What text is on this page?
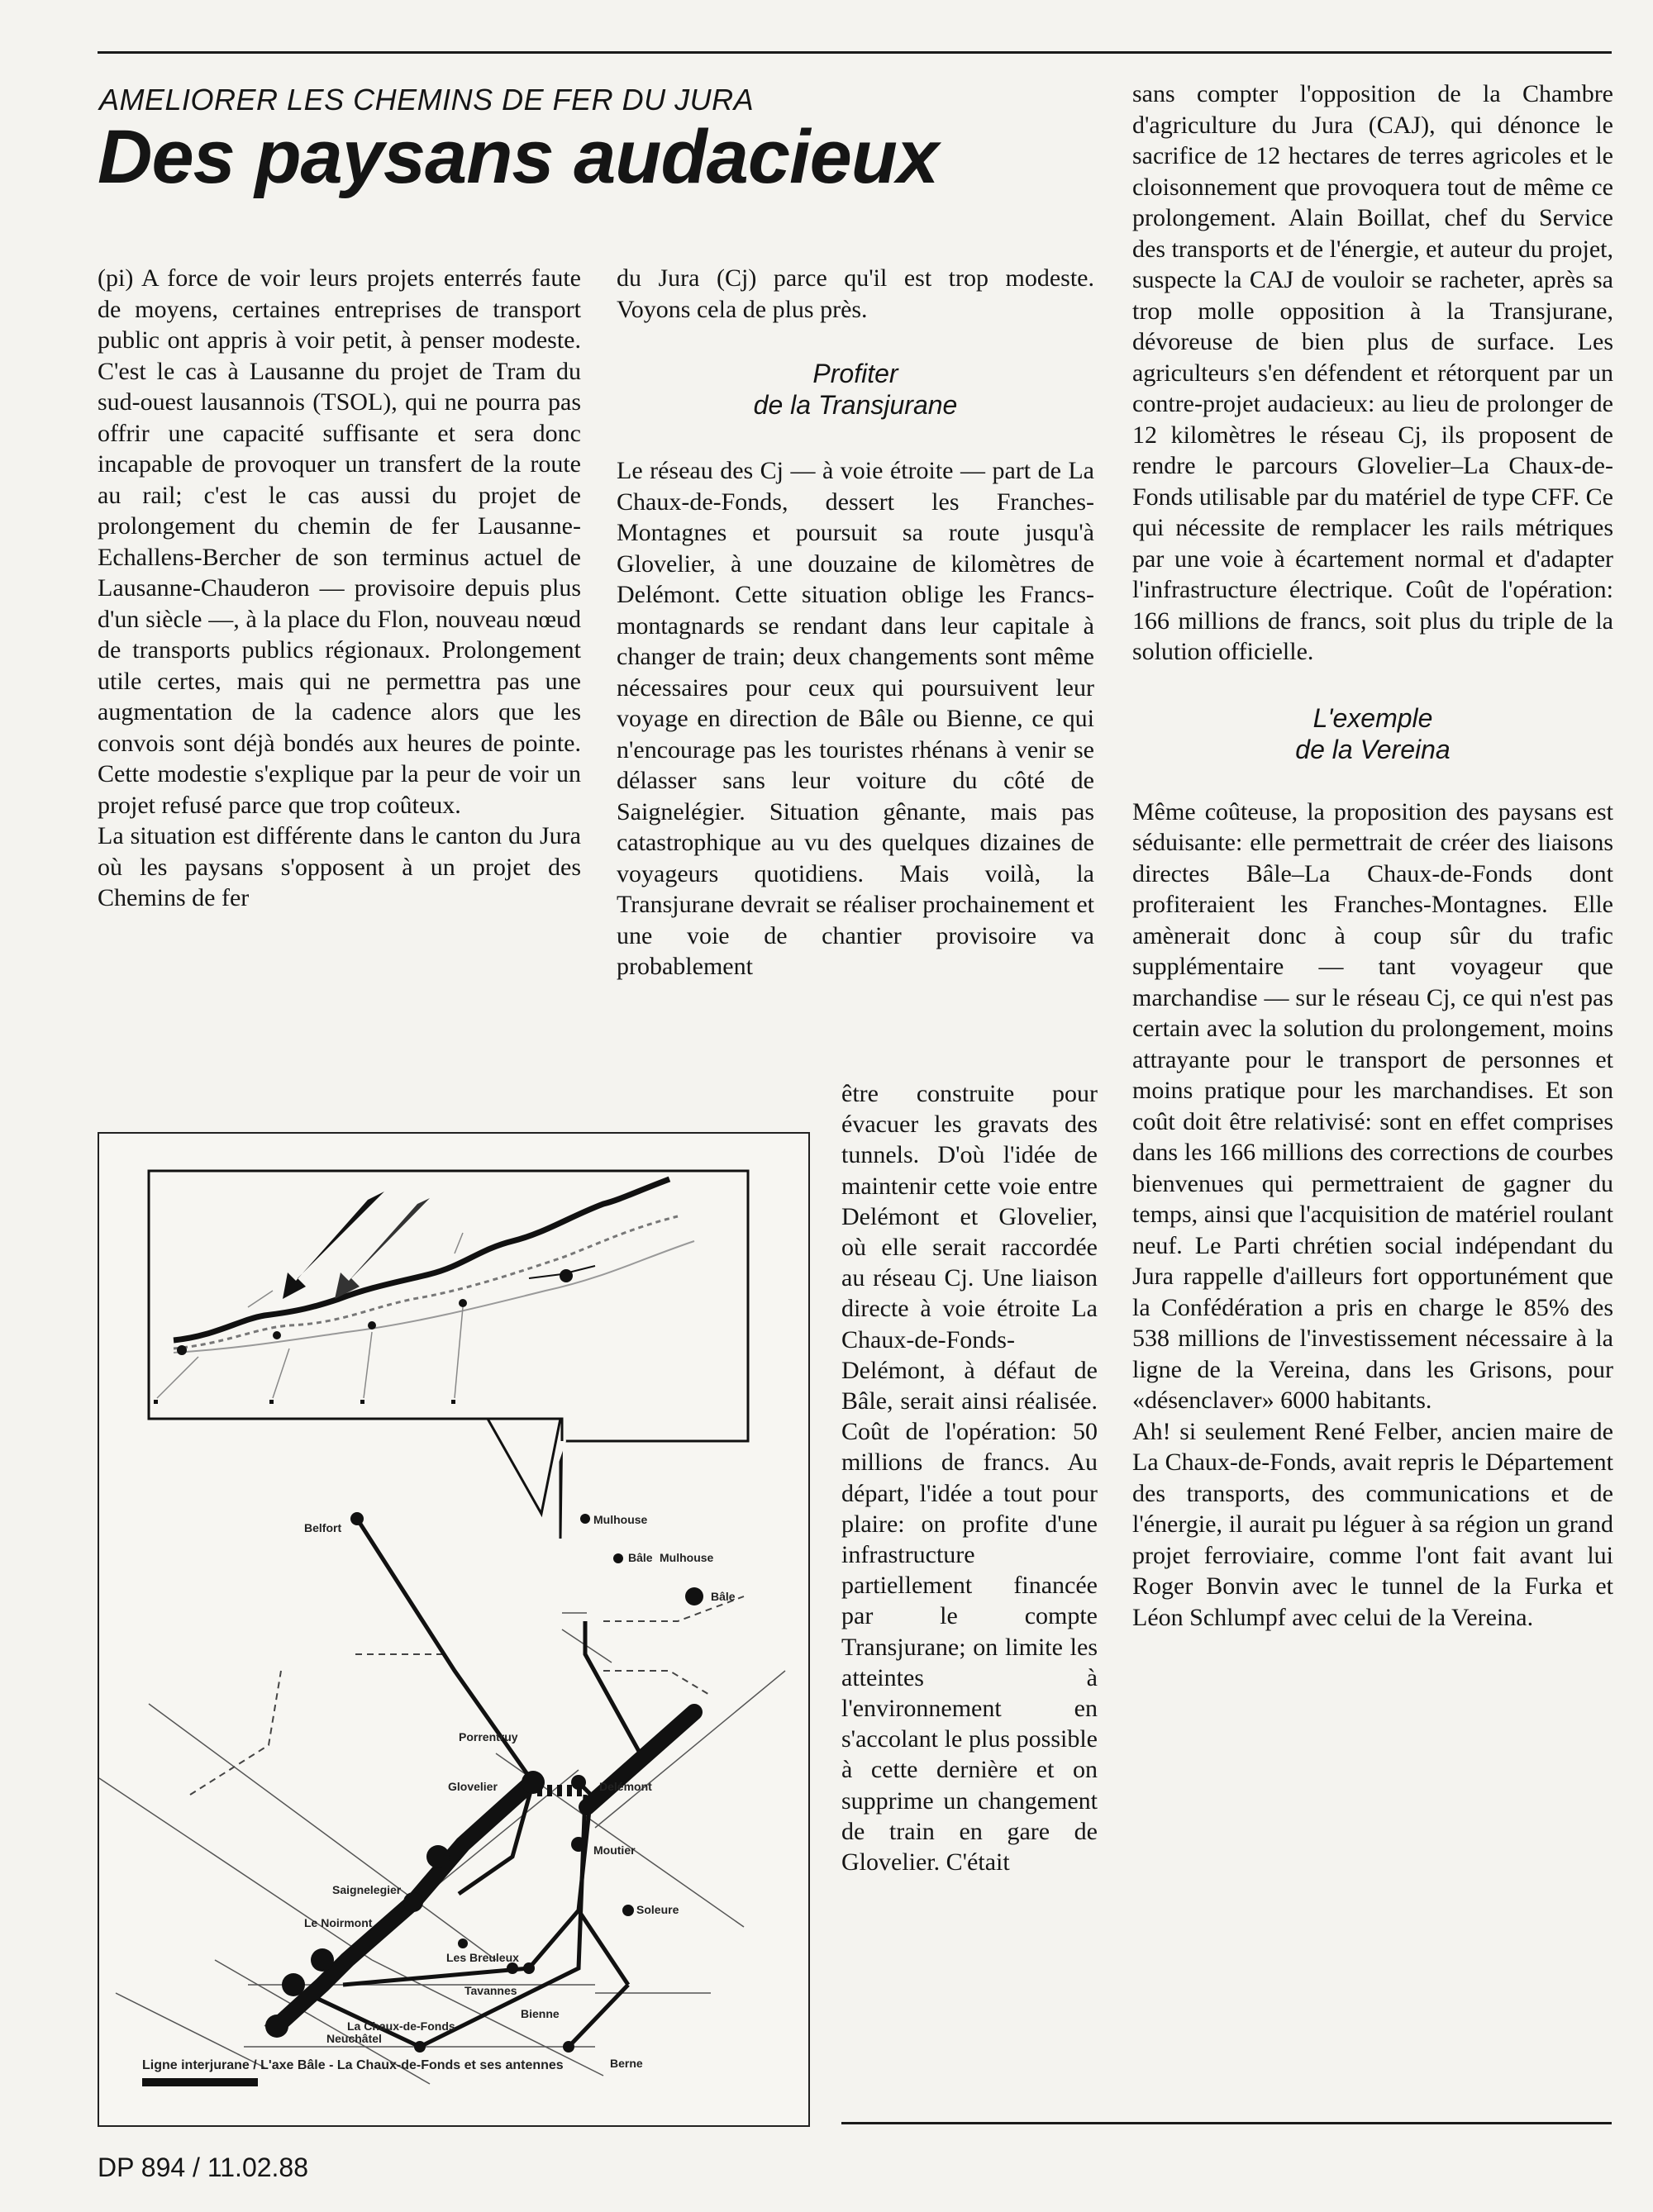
AMELIORER LES CHEMINS DE FER DU JURA
Des paysans audacieux

(pi) A force de voir leurs projets enterrés faute de moyens, certaines entreprises de transport public ont appris à voir petit, à penser modeste. C'est le cas à Lausanne du projet de Tram du sud-ouest lausannois (TSOL), qui ne pourra pas offrir une capacité suffisante et sera donc incapable de provoquer un transfert de la route au rail; c'est le cas aussi du projet de prolongement du chemin de fer Lausanne-Echallens-Bercher de son terminus actuel de Lausanne-Chauderon — provisoire depuis plus d'un siècle —, à la place du Flon, nouveau nœud de transports publics régionaux. Prolongement utile certes, mais qui ne permettra pas une augmentation de la cadence alors que les convois sont déjà bondés aux heures de pointe. Cette modestie s'explique par la peur de voir un projet refusé parce que trop coûteux.

La situation est différente dans le canton du Jura où les paysans s'opposent à un projet des Chemins de fer

du Jura (Cj) parce qu'il est trop modeste. Voyons cela de plus près.

Profiter
de la Transjurane

Le réseau des Cj — à voie étroite — part de La Chaux-de-Fonds, dessert les Franches-Montagnes et poursuit sa route jusqu'à Glovelier, à une douzaine de kilomètres de Delémont. Cette situation oblige les Francs-montagnards se rendant dans leur capitale à changer de train; deux changements sont même nécessaires pour ceux qui poursuivent leur voyage en direction de Bâle ou Bienne, ce qui n'encourage pas les touristes rhénans à venir se délasser sans leur voiture du côté de Saignelégier. Situation gênante, mais pas catastrophique au vu des quelques dizaines de voyageurs quotidiens. Mais voilà, la Transjurane devrait se réaliser prochainement et une voie de chantier provisoire va probablement

être construite pour évacuer les gravats des tunnels. D'où l'idée de maintenir cette voie entre Delémont et Glovelier, où elle serait raccordée au réseau Cj. Une liaison directe à voie étroite La Chaux-de-Fonds-Delémont, à défaut de Bâle, serait ainsi réalisée. Coût de l'opération: 50 millions de francs. Au départ, l'idée a tout pour plaire: on profite d'une infrastructure partiellement financée par le compte Transjurane; on limite les atteintes à l'environnement en s'accolant le plus possible à cette dernière et on supprime un changement de train en gare de Glovelier. C'était

sans compter l'opposition de la Chambre d'agriculture du Jura (CAJ), qui dénonce le sacrifice de 12 hectares de terres agricoles et le cloisonnement que provoquera tout de même ce prolongement. Alain Boillat, chef du Service des transports et de l'énergie, et auteur du projet, suspecte la CAJ de vouloir se racheter, après sa trop molle opposition à la Transjurane, dévoreuse de bien plus de surface. Les agriculteurs s'en défendent et rétorquent par un contre-projet audacieux: au lieu de prolonger de 12 kilomètres le réseau Cj, ils proposent de rendre le parcours Glovelier–La Chaux-de-Fonds utilisable par du matériel de type CFF. Ce qui nécessite de remplacer les rails métriques par une voie à écartement normal et d'adapter l'infrastructure électrique. Coût de l'opération: 166 millions de francs, soit plus du triple de la solution officielle.

L'exemple
de la Vereina

Même coûteuse, la proposition des paysans est séduisante: elle permettrait de créer des liaisons directes Bâle–La Chaux-de-Fonds dont profiteraient les Franches-Montagnes. Elle amènerait donc à coup sûr du trafic supplémentaire — tant voyageur que marchandise — sur le réseau Cj, ce qui n'est pas certain avec la solution du prolongement, moins attrayante pour le transport de personnes et moins pratique pour les marchandises. Et son coût doit être relativisé: sont en effet comprises dans les 166 millions des corrections de courbes bienvenues qui permettraient de gagner du temps, ainsi que l'acquisition de matériel roulant neuf. Le Parti chrétien social indépendant du Jura rappelle d'ailleurs fort opportunément que la Confédération a pris en charge le 85% des 538 millions de l'investissement nécessaire à la ligne de la Vereina, dans les Grisons, pour «désenclaver» 6000 habitants.

Ah! si seulement René Felber, ancien maire de La Chaux-de-Fonds, avait repris le Département des transports, des communications et de l'énergie, il aurait pu léguer à sa région un grand projet ferroviaire, comme l'ont fait avant lui Roger Bonvin avec le tunnel de la Furka et Léon Schlumpf avec celui de la Vereina.

Belfort
Mulhouse
Bâle Mulhouse
Bâle
Porrentruy
Glovelier	Delémont
Moutier
Soleure
Saignelegier
Le Noirmont
Les Breuleux
Tavannes
La Chaux-de-Fonds
Bienne
Neuchâtel
Berne
Ligne interjurane / L'axe Bâle - La Chaux-de-Fonds et ses antennes
DP 894 / 11.02.88
